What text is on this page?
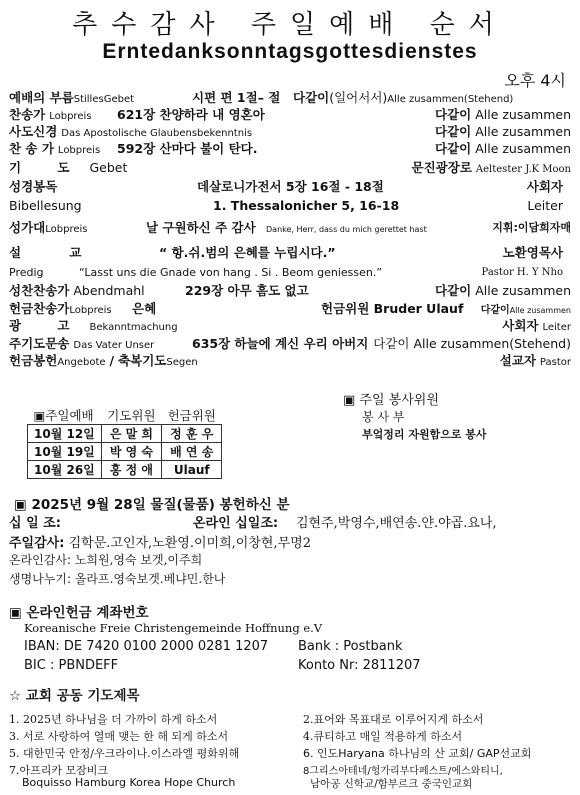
추수감사 주일예배 순서
Erntedanksonntagsgottesdienstes
오후 4시
예배의 부름StillesGebet	시편 편 1절– 절 다같이(일어서서)Alle zusammen(Stehend)
찬송가 Lobpreis 621장 찬양하라 내 영혼아	다같이 Alle zusammen
사도신경 Das Apostolische Glaubensbekenntnis	다같이 Alle zusammen
찬 송 가 Lobpreis 592장 산마다 불이 탄다.	다같이 Alle zusammen
기 도 Gebet	문진광장로 Aeltester J.K Moon
성경봉독	데살로니가전서 5장 16절 - 18절	사회자
Bibellesung	1. Thessalonicher 5, 16-18	Leiter
성가대Lobpreis	날 구원하신 주 감사 Danke, Herr, dass du mich gerettet hast	지휘:이담희자매
설 교	“ 항.쉬.범의 은혜를 누립시다.”	노환영목사
Predig	“Lasst uns die Gnade von hang . Si . Beom geniessen.”	Pastor H. Y Nho
성찬찬송가 Abendmahl	229장 아무 흠도 없고	다같이 Alle zusammen
헌금찬송가Lobpreis 은혜	헌금위원 Bruder Ulauf 다같이Alle zusammen
광 고 Bekanntmachung	사회자 Leiter
주기도문송 Das Vater Unser	635장 하늘에 계신 우리 아버지 다같이 Alle zusammen(Stehend)
헌금봉헌Angebote / 축복기도Segen	설교자 Pastor
▣주일예배	기도위원	헌금위원
10월 12일	은 말 희	정 훈 우
10월 19일	박 영 숙	배 연 송
10월 26일	홍 정 애	Ulauf
▣ 주일 봉사위원
봉 사 부
부엌정리 자원함으로 봉사
▣ 2025년 9월 28일 물질(물품) 봉헌하신 분
십 일 조:	온라인 십일조: 김현주,박영수,배연송.얀.야곱.요나,
주일감사: 김학문.고인자,노환영.이미희,이창현,무명2
온라인감사: 노희원,영숙 보겟,이주희
생명나누기: 올라프.영숙보겟.베냐민.한나
▣ 온라인헌금 계좌번호
Koreanische Freie Christengemeinde Hoffnung e.V
IBAN: DE 7420 0100 2000 0281 1207 Bank : Postbank
BIC : PBNDEFF	Konto Nr: 2811207
☆ 교회 공동 기도제목
1. 2025년 하나님을 더 가까이 하게 하소서	2.표어와 목표대로 이루어지게 하소서
3. 서로 사랑하여 열매 맺는 한 해 되게 하소서	4.큐티하고 매일 적용하게 하소서
5. 대한민국 안정/우크라이나.이스라엘 평화위해	6. 인도Haryana 하나님의 산 교회/ GAP선교회
7.아프리카 모잠비크	8그리스아테네/헝가리부다페스트/에스와티니,
Boquisso Hamburg Korea Hope Church	남아공 신학교/함부르크 중국인교회
